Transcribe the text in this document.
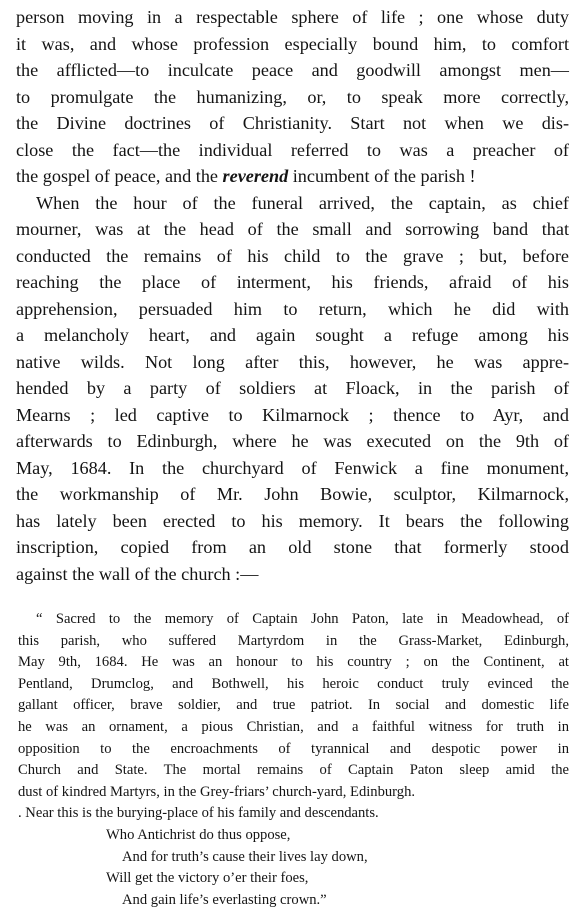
person moving in a respectable sphere of life ; one whose duty
it was, and whose profession especially bound him, to comfort
the afflicted—to inculcate peace and goodwill amongst men—
to promulgate the humanizing, or, to speak more correctly,
the Divine doctrines of Christianity. Start not when we dis-
close the fact—the individual referred to was a preacher of
the gospel of peace, and the reverend incumbent of the parish !
When the hour of the funeral arrived, the captain, as chief
mourner, was at the head of the small and sorrowing band that
conducted the remains of his child to the grave ; but, before
reaching the place of interment, his friends, afraid of his
apprehension, persuaded him to return, which he did with
a melancholy heart, and again sought a refuge among his
native wilds. Not long after this, however, he was appre-
hended by a party of soldiers at Floack, in the parish of
Mearns ; led captive to Kilmarnock ; thence to Ayr, and
afterwards to Edinburgh, where he was executed on the 9th of
May, 1684. In the churchyard of Fenwick a fine monument,
the workmanship of Mr. John Bowie, sculptor, Kilmarnock,
has lately been erected to his memory. It bears the following
inscription, copied from an old stone that formerly stood
against the wall of the church :—
“ Sacred to the memory of Captain John Paton, late in Meadowhead, of
this parish, who suffered Martyrdom in the Grass-Market, Edinburgh,
May 9th, 1684. He was an honour to his country ; on the Continent, at
Pentland, Drumclog, and Bothwell, his heroic conduct truly evinced the
gallant officer, brave soldier, and true patriot. In social and domestic life
he was an ornament, a pious Christian, and a faithful witness for truth in
opposition to the encroachments of tyrannical and despotic power in
Church and State. The mortal remains of Captain Paton sleep amid the
dust of kindred Martyrs, in the Grey-friars’ church-yard, Edinburgh.
. Near this is the burying-place of his family and descendants.
Who Antichrist do thus oppose,
And for truth’s cause their lives lay down,
Will get the victory o’er their foes,
And gain life’s everlasting crown.”
